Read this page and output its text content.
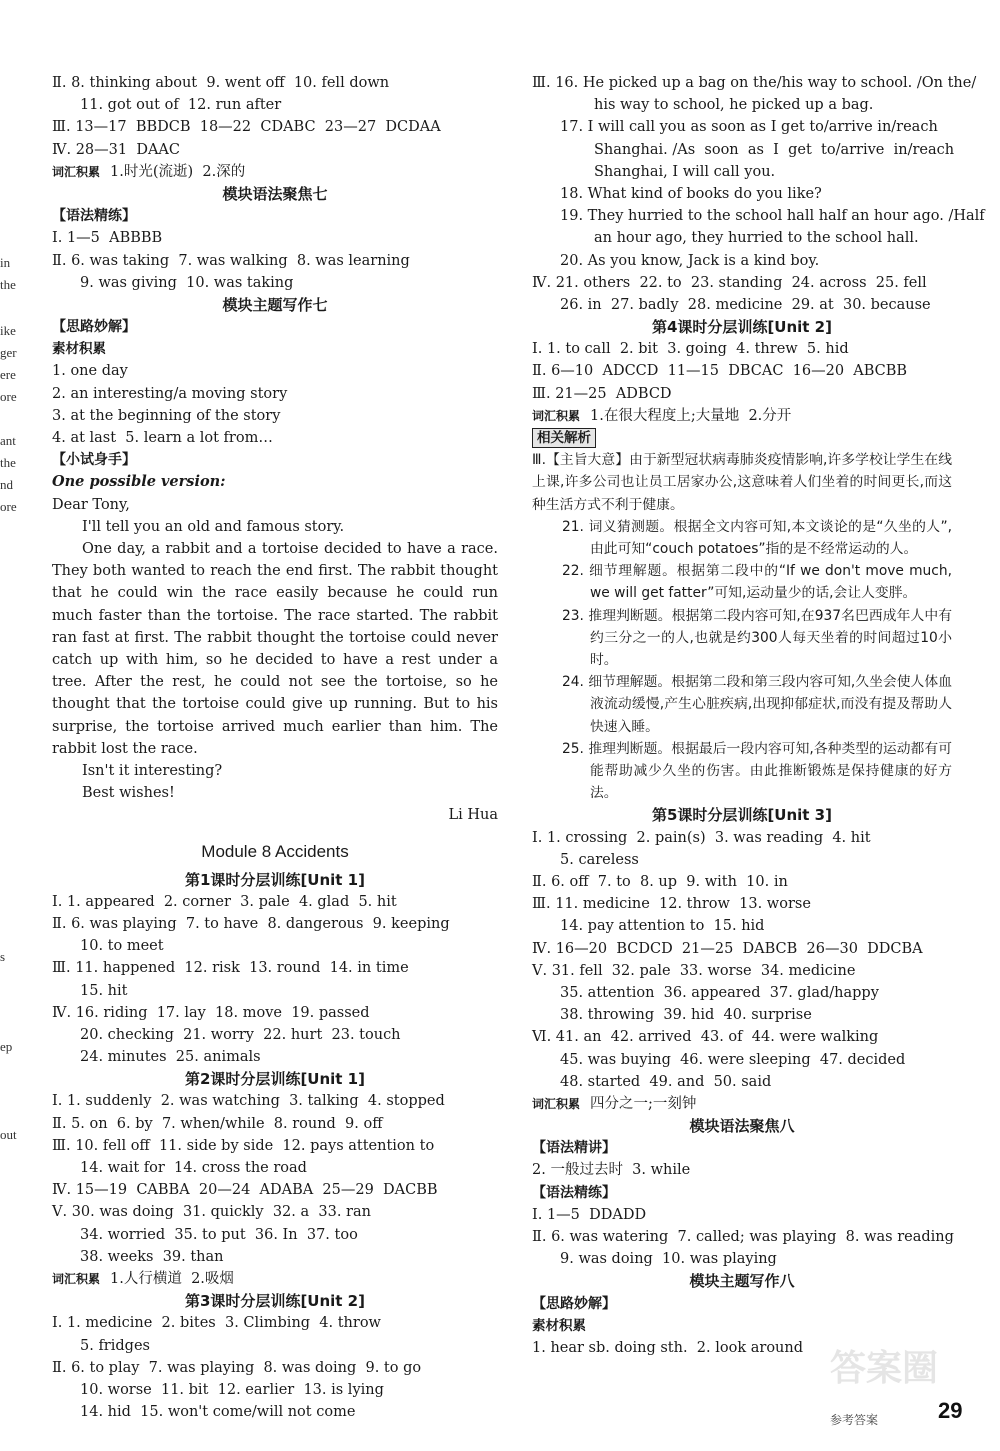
in
the
ike
ger
ere
ore
ant
the
nd
ore
s
ep
out
Ⅱ. 8. thinking about  9. went off  10. fell down
11. got out of  12. run after
Ⅲ. 13—17  BBDCB  18—22  CDABC  23—27  DCDAA
Ⅳ. 28—31  DAAC
词汇积累 1.时光(流逝)  2.深的
模块语法聚焦七
【语法精练】
Ⅰ. 1—5  ABBBB
Ⅱ. 6. was taking  7. was walking  8. was learning
9. was giving  10. was taking
模块主题写作七
【思路妙解】
素材积累
1. one day
2. an interesting/a moving story
3. at the beginning of the story
4. at last  5. learn a lot from…
【小试身手】
One possible version:
Dear Tony,
I'll tell you an old and famous story.
One day, a rabbit and a tortoise decided to have a race. They both wanted to reach the end first. The rabbit thought that he could win the race easily because he could run much faster than the tortoise. The race started. The rabbit ran fast at first. The rabbit thought the tortoise could never catch up with him, so he decided to have a rest under a tree. After the rest, he could not see the tortoise, so he thought that the tortoise could give up running. But to his surprise, the tortoise arrived much earlier than him. The rabbit lost the race.
Isn't it interesting?
Best wishes!
Li Hua
Module 8 Accidents
第1课时分层训练[Unit 1]
Ⅰ. 1. appeared  2. corner  3. pale  4. glad  5. hit
Ⅱ. 6. was playing  7. to have  8. dangerous  9. keeping
10. to meet
Ⅲ. 11. happened  12. risk  13. round  14. in time
15. hit
Ⅳ. 16. riding  17. lay  18. move  19. passed
20. checking  21. worry  22. hurt  23. touch
24. minutes  25. animals
第2课时分层训练[Unit 1]
Ⅰ. 1. suddenly  2. was watching  3. talking  4. stopped
Ⅱ. 5. on  6. by  7. when/while  8. round  9. off
Ⅲ. 10. fell off  11. side by side  12. pays attention to
14. wait for  14. cross the road
Ⅳ. 15—19  CABBA  20—24  ADABA  25—29  DACBB
Ⅴ. 30. was doing  31. quickly  32. a  33. ran
34. worried  35. to put  36. In  37. too
38. weeks  39. than
词汇积累 1.人行横道  2.吸烟
第3课时分层训练[Unit 2]
Ⅰ. 1. medicine  2. bites  3. Climbing  4. throw
5. fridges
Ⅱ. 6. to play  7. was playing  8. was doing  9. to go
10. worse  11. bit  12. earlier  13. is lying
14. hid  15. won't come/will not come
Ⅲ. 16. He picked up a bag on the/his way to school. /On the/
his way to school, he picked up a bag.
17. I will call you as soon as I get to/arrive in/reach
Shanghai. /As  soon  as  I  get  to/arrive  in/reach
Shanghai, I will call you.
18. What kind of books do you like?
19. They hurried to the school hall half an hour ago. /Half
an hour ago, they hurried to the school hall.
20. As you know, Jack is a kind boy.
Ⅳ. 21. others  22. to  23. standing  24. across  25. fell
26. in  27. badly  28. medicine  29. at  30. because
第4课时分层训练[Unit 2]
Ⅰ. 1. to call  2. bit  3. going  4. threw  5. hid
Ⅱ. 6—10  ADCCD  11—15  DBCAC  16—20  ABCBB
Ⅲ. 21—25  ADBCD
词汇积累 1.在很大程度上;大量地  2.分开
相关解析
Ⅲ.【主旨大意】由于新型冠状病毒肺炎疫情影响,许多学校让学生在线上课,许多公司也让员工居家办公,这意味着人们坐着的时间更长,而这种生活方式不利于健康。
21. 词义猜测题。根据全文内容可知,本文谈论的是“久坐的人”,由此可知“couch potatoes”指的是不经常运动的人。
22. 细节理解题。根据第二段中的“If we don't move much, we will get fatter”可知,运动量少的话,会让人变胖。
23. 推理判断题。根据第二段内容可知,在937名巴西成年人中有约三分之一的人,也就是约300人每天坐着的时间超过10小时。
24. 细节理解题。根据第二段和第三段内容可知,久坐会使人体血液流动缓慢,产生心脏疾病,出现抑郁症状,而没有提及帮助人快速入睡。
25. 推理判断题。根据最后一段内容可知,各种类型的运动都有可能帮助减少久坐的伤害。由此推断锻炼是保持健康的好方法。
第5课时分层训练[Unit 3]
Ⅰ. 1. crossing  2. pain(s)  3. was reading  4. hit
5. careless
Ⅱ. 6. off  7. to  8. up  9. with  10. in
Ⅲ. 11. medicine  12. throw  13. worse
14. pay attention to  15. hid
Ⅳ. 16—20  BCDCD  21—25  DABCB  26—30  DDCBA
Ⅴ. 31. fell  32. pale  33. worse  34. medicine
35. attention  36. appeared  37. glad/happy
38. throwing  39. hid  40. surprise
Ⅵ. 41. an  42. arrived  43. of  44. were walking
45. was buying  46. were sleeping  47. decided
48. started  49. and  50. said
词汇积累 四分之一;一刻钟
模块语法聚焦八
【语法精讲】
2. 一般过去时  3. while
【语法精练】
Ⅰ. 1—5  DDADD
Ⅱ. 6. was watering  7. called; was playing  8. was reading
9. was doing  10. was playing
模块主题写作八
【思路妙解】
素材积累
1. hear sb. doing sth.  2. look around
答案圈
参考答案	29
